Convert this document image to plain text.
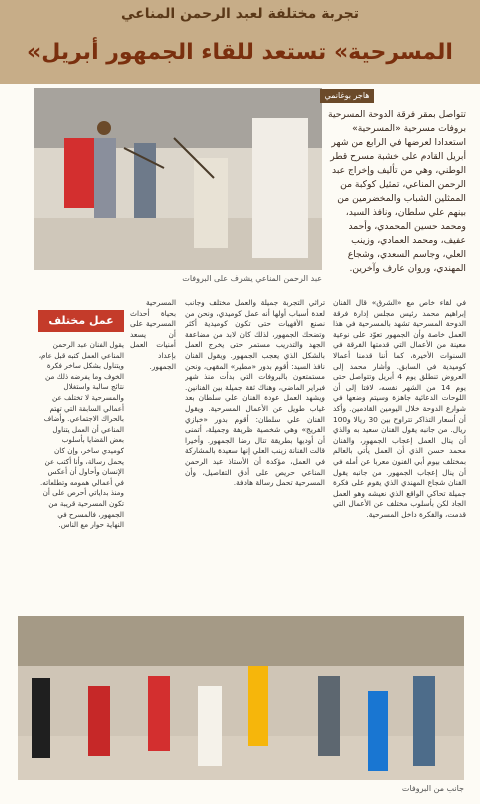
تجربة مختلفة لعبد الرحمن المناعي
«المسرحية» تستعد للقاء الجمهور أبريل
هاجر بوغانمي
تتواصل بمقر فرقة الدوحة المسرحية بروفات مسرحية «المسرحية» استعدادا لعرضها في الرابع من شهر أبريل القادم على خشبة مسرح قطر الوطني، وهي من تأليف وإخراج عبد الرحمن المناعي، تمثيل كوكبة من الممثلين الشباب والمخضرمين من بينهم علي سلطان، ونافذ السيد، ومحمد حسين المحمدي، وأحمد عفيف، ومحمد العمادي، وزينب العلي، وجاسم السعدي، وشجاع المهندي، وروان عارف وآخرين.
عبد الرحمن المناعي يشرف على البروفات
في لقاء خاص مع «الشرق» قال الفنان إبراهيم محمد رئيس مجلس إدارة فرقة الدوحة المسرحية تشهد بالمسرحية في هذا العمل خاصة وأن الجمهور تعوّد على نوعية معينة من الأعمال التي قدمتها الفرقة في السنوات الأخيرة، كما أننا قدمنا أعمالا كوميدية في السابق. وأشار محمد إلى العروض تنطلق يوم 4 أبريل وتتواصل حتى يوم 14 من الشهر نفسه، لافتا إلى أن اللوحات الدعائية جاهزة وسيتم وضعها في شوارع الدوحة خلال اليومين القادمين. وأكد أن أسعار التذاكر تتراوح بين 30 ريالا و100 ريال. من جانبه يقول الفنان سعيد به والذي أن ينال العمل إعجاب الجمهور، والفنان محمد حسن الذي أن العمل يأتي بالعالم بمختلف بيوم أبي الفنون معربا عن أمله في أن ينال إعجاب الجمهور. من جانبه يقول الفنان شجاع المهندي الذي يقوم على فكرة جميلة تحاكي الواقع الذي نعيشه وهو العمل الجاد لكن بأسلوب مختلف عن الأعمال التي قدمت، والفكرة داخل المسرحية.
تراثي التجربة جميلة والعمل مختلف وجانب لعدة أسباب أولها أنه عمل كوميدي، ونحن من نصنع الأفهيات حتى تكون كوميدية أكثر وتضحك الجمهور، لذلك كان لابد من مضاعفة الجهد والتدريب مستمر حتى يخرج العمل بالشكل الذي يعجب الجمهور. ويقول الفنان نافذ السيد: أقوم بدور «مطير» المقهى، ونحن مستمتعون بالبروفات التي بدأت منذ شهر فبراير الماضي، وهناك ثقة جميلة بين الفنانين. ويشهد العمل عودة الفنان علي سلطان بعد غياب طويل عن الأعمال المسرحية. ويقول الفنان علي سلطان: أقوم بدور «خبازي الفريج» وهي شخصية ظريفة وجميلة، أتمنى أن أوديها بطريقة تنال رضا الجمهور. وأخيرا قالت الفنانة زينب العلي إنها سعيدة بالمشاركة في العمل، مؤكدة أن الأستاذ عبد الرحمن المناعي حريص على أدق التفاصيل، وأن المسرحية تحمل رسالة هادفة.
المسرحية بحياة أحداث المسرحية على أن يسعد أمنيات العمل بإعداد الجمهور.
عمل مختلف
يقول الفنان عبد الرحمن المناعي العمل كتبه قبل عام، ويتناول بشكل ساخر فكرة الخوف وما يفرضه ذلك من نتائج سالبة واستغلال والمسرحية لا تختلف عن أعمالي السابقة التي تهتم بالحراك الاجتماعي. وأضاف المناعي أن العمل يتناول بعض القضايا بأسلوب كوميدي ساخر، وإن كان يحمل رسالة، وأنا أكتب عن الإنسان وأحاول أن أعكس في أعمالي همومه وتطلعاته. ومنذ بداياتي أحرص على أن تكون المسرحية قريبة من الجمهور، فالمسرح في النهاية حوار مع الناس.
جانب من البروفات
